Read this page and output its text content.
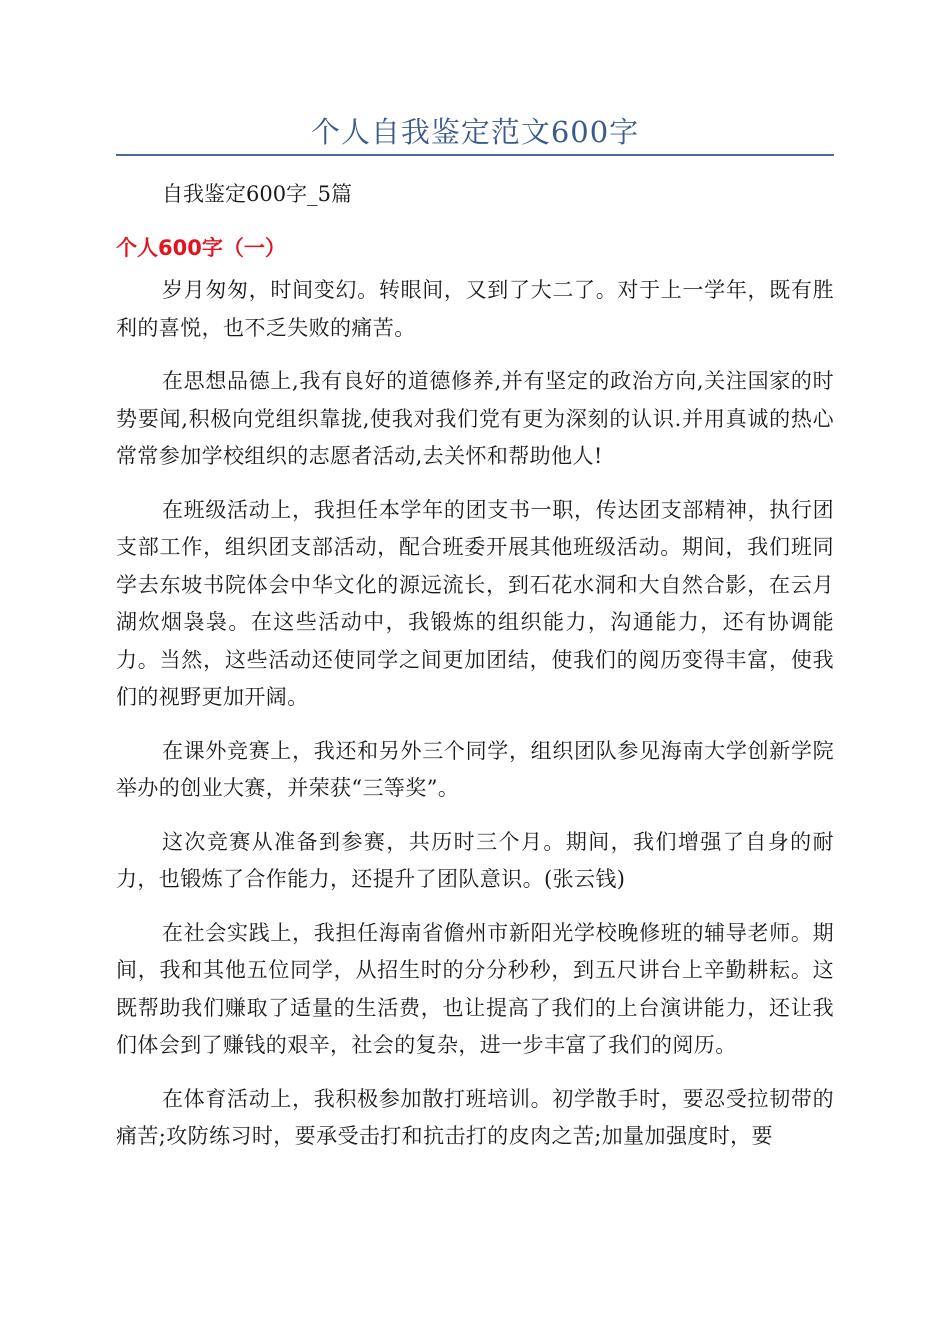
个人自我鉴定范文600字

自我鉴定600字_5篇

个人600字（一）

岁月匆匆，时间变幻。转眼间，又到了大二了。对于上一学年，既有胜利的喜悦，也不乏失败的痛苦。

在思想品德上,我有良好的道德修养,并有坚定的政治方向,关注国家的时势要闻,积极向党组织靠拢,使我对我们党有更为深刻的认识.并用真诚的热心常常参加学校组织的志愿者活动,去关怀和帮助他人!

在班级活动上，我担任本学年的团支书一职，传达团支部精神，执行团支部工作，组织团支部活动，配合班委开展其他班级活动。期间，我们班同学去东坡书院体会中华文化的源远流长，到石花水洞和大自然合影，在云月湖炊烟袅袅。在这些活动中，我锻炼的组织能力，沟通能力，还有协调能力。当然，这些活动还使同学之间更加团结，使我们的阅历变得丰富，使我们的视野更加开阔。

在课外竞赛上，我还和另外三个同学，组织团队参见海南大学创新学院举办的创业大赛，并荣获“三等奖”。

这次竞赛从准备到参赛，共历时三个月。期间，我们增强了自身的耐力，也锻炼了合作能力，还提升了团队意识。(张云钱)

在社会实践上，我担任海南省儋州市新阳光学校晚修班的辅导老师。期间，我和其他五位同学，从招生时的分分秒秒，到五尺讲台上辛勤耕耘。这既帮助我们赚取了适量的生活费，也让提高了我们的上台演讲能力，还让我们体会到了赚钱的艰辛，社会的复杂，进一步丰富了我们的阅历。

在体育活动上，我积极参加散打班培训。初学散手时，要忍受拉韧带的痛苦;攻防练习时，要承受击打和抗击打的皮肉之苦;加量加强度时，要
